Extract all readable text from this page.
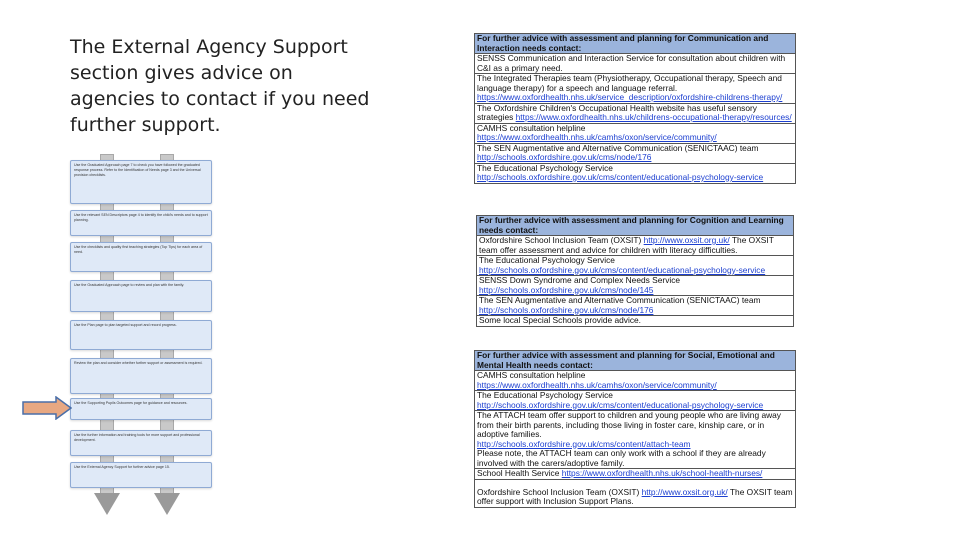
The External Agency Support section gives advice on agencies to contact if you need further support.
Use the Graduated Approach page 7 to check you have followed the graduated response process. Refer to the Identification of Needs page 3 and the Universal provision checklists.
Use the relevant SEN Descriptors page 4 to identify the child's needs and to support planning.
Use the checklists and quality first teaching strategies (Top Tips) for each area of need.
Use the Graduated Approach page to review and plan with the family.
Use the Plan page to plan targeted support and record progress.
Review the plan and consider whether further support or assessment is required.
Use the Supporting Pupils Outcomes page for guidance and resources.
Use the further information and training tools for more support and professional development.
Use the External Agency Support for further advice page 15.
For further advice with assessment and planning for Communication and Interaction needs contact:
SENSS Communication and Interaction Service for consultation about children with C&I as a primary need.
The Integrated Therapies team (Physiotherapy, Occupational therapy, Speech and language therapy) for a speech and language referral. https://www.oxfordhealth.nhs.uk/service_description/oxfordshire-childrens-therapy/
The Oxfordshire Children's Occupational Health website has useful sensory strategies https://www.oxfordhealth.nhs.uk/childrens-occupational-therapy/resources/
CAMHS consultation helpline
https://www.oxfordhealth.nhs.uk/camhs/oxon/service/community/
The SEN Augmentative and Alternative Communication (SENICTAAC) team
http://schools.oxfordshire.gov.uk/cms/node/176
The Educational Psychology Service
http://schools.oxfordshire.gov.uk/cms/content/educational-psychology-service
For further advice with assessment and planning for Cognition and Learning needs contact:
Oxfordshire School Inclusion Team (OXSIT) http://www.oxsit.org.uk/ The OXSIT team offer assessment and advice for children with literacy difficulties.
The Educational Psychology Service
http://schools.oxfordshire.gov.uk/cms/content/educational-psychology-service
SENSS Down Syndrome and Complex Needs Service
http://schools.oxfordshire.gov.uk/cms/node/145
The SEN Augmentative and Alternative Communication (SENICTAAC) team
http://schools.oxfordshire.gov.uk/cms/node/176
Some local Special Schools provide advice.
For further advice with assessment and planning for Social, Emotional and Mental Health needs contact:
CAMHS consultation helpline
https://www.oxfordhealth.nhs.uk/camhs/oxon/service/community/
The Educational Psychology Service
http://schools.oxfordshire.gov.uk/cms/content/educational-psychology-service
The ATTACH team offer support to children and young people who are living away from their birth parents, including those living in foster care, kinship care, or in adoptive families.
http://schools.oxfordshire.gov.uk/cms/content/attach-team
Please note, the ATTACH team can only work with a school if they are already involved with the carers/adoptive family.
School Health Service https://www.oxfordhealth.nhs.uk/school-health-nurses/
Oxfordshire School Inclusion Team (OXSIT) http://www.oxsit.org.uk/ The OXSIT team offer support with Inclusion Support Plans.
